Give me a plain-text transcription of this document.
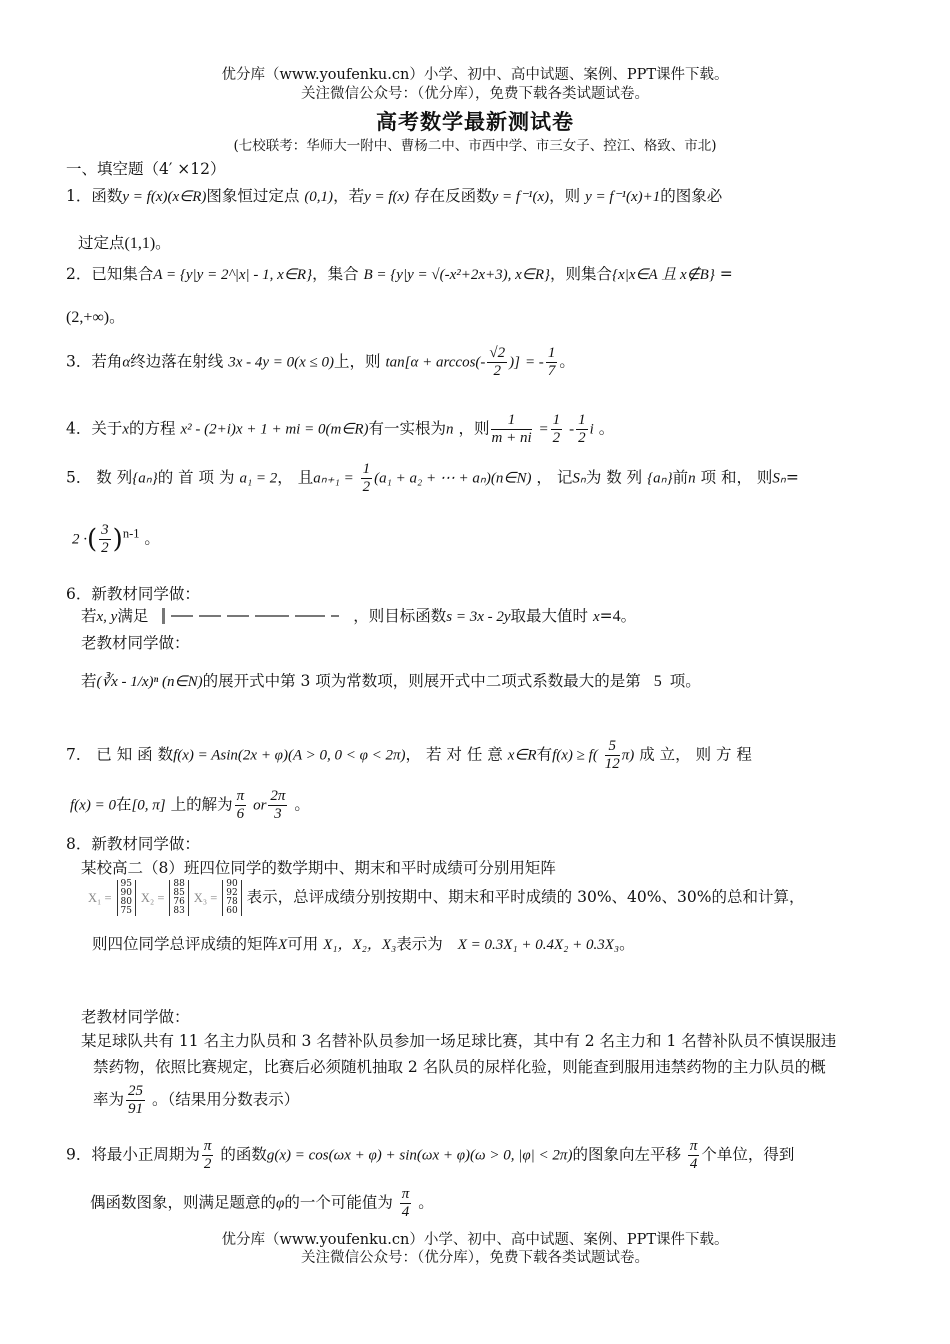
优分库（www.youfenku.cn）小学、初中、高中试题、案例、PPT课件下载。
关注微信公众号：（优分库），免费下载各类试题试卷。
高考数学最新测试卷
(七校联考：华师大一附中、曹杨二中、市西中学、市三女子、控江、格致、市北)
一、填空题（4′ ×12）
1．函数y = f(x)(x∈R)图象恒过定点 (0,1)，若y = f(x) 存在反函数y = f⁻¹(x)，则 y = f⁻¹(x)+1的图象必
过定点(1,1)。
2．已知集合A = {y|y = 2^|x| - 1, x∈R}，集合 B = {y|y = √(-x²+2x+3), x∈R}，则集合{x|x∈A 且 x∉B} =
(2,+∞)。
3．若角α终边落在射线 3x - 4y = 0(x ≤ 0)上，则 $\tan[\alpha + \arccos(- \frac{√2}{2}$ )] = - $\frac{1}{7}$ 。
4．关于x的方程 x² - (2+i)x + 1 + mi = 0(m∈R)有一实根为n ，则 $\frac{1}{m + ni} = \frac{1}{2} - \frac{1}{2}$ i 。
5． 数 列{aₙ}的 首 项 为 a₁ = 2， 且$a_{n+1} = \frac{1}{2} (a_1 + a_2$ + ⋯ + aₙ)(n∈N) ， 记Sₙ为 数 列 {aₙ}前n 项 和， 则Sₙ=
2 ·( $\frac{3}{2} )^{n-1}$ 。
6．新教材同学做：
若x, y满足	，则目标函数s = 3x - 2y取最大值时 x=4。
老教材同学做：
若(∛x - 1/x)ⁿ (n∈N)的展开式中第 3 项为常数项，则展开式中二项式系数最大的是第 5 项。
7． 已 知 函 数f(x) = Asin(2x + φ)(A > 0, 0 < φ < 2π)， 若 对 任 意 x∈R有$f(x) \ge f( \frac{5}{12} \pi)$ 成 立， 则 方 程
f(x) = 0在[0, π] 上的解为 $\frac{\pi}{6}$ or $\frac{2\pi}{3}$ 。
8．新教材同学做：
某校高二（8）班四位同学的数学期中、期末和平时成绩可分别用矩阵
X₁ = 95
90
80
75 X₂ = 88
85
76
83 X₃ = 90
92
78
60 表示，总评成绩分别按期中、期末和平时成绩的 30%、40%、30%的总和计算，
则四位同学总评成绩的矩阵X可用 X₁，X₂，X₃表示为 X = 0.3X₁ + 0.4X₂ + 0.3X₃。
老教材同学做：
某足球队共有 11 名主力队员和 3 名替补队员参加一场足球比赛，其中有 2 名主力和 1 名替补队员不慎误服违
禁药物，依照比赛规定，比赛后必须随机抽取 2 名队员的尿样化验，则能查到服用违禁药物的主力队员的概
率为 $\frac{25}{91}$ 。（结果用分数表示）
9．将最小正周期为 $\frac{\pi}{2}$ 的函数g(x) = cos(ωx + φ) + sin(ωx + φ)(ω > 0, |φ| < 2π)的图象向左平移 $\frac{\pi}{4}$ 个单位，得到
偶函数图象，则满足题意的φ的一个可能值为 $\frac{\pi}{4}$ 。
优分库（www.youfenku.cn）小学、初中、高中试题、案例、PPT课件下载。
关注微信公众号：（优分库），免费下载各类试题试卷。
